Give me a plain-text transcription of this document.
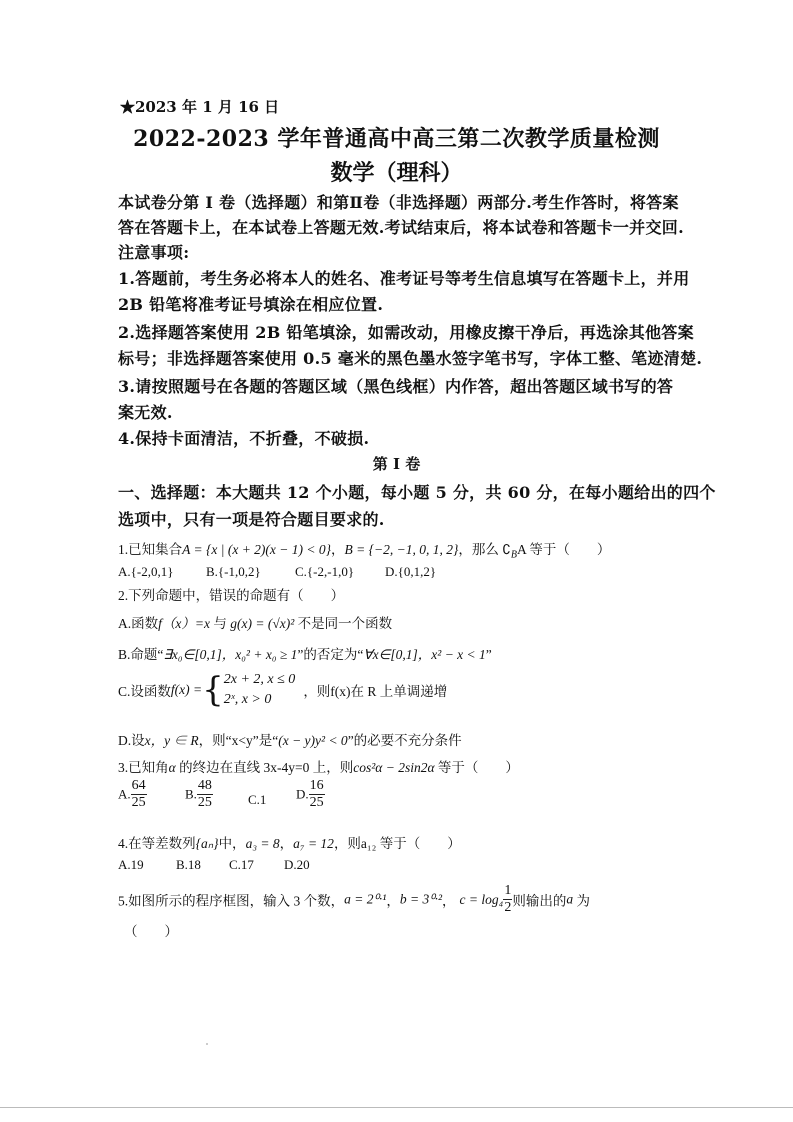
★2023 年 1 月 16 日
2022-2023 学年普通高中高三第二次教学质量检测
数学（理科）
本试卷分第 I 卷（选择题）和第Ⅱ卷（非选择题）两部分.考生作答时，将答案
答在答题卡上，在本试卷上答题无效.考试结束后，将本试卷和答题卡一并交回.
注意事项:
1.答题前，考生务必将本人的姓名、准考证号等考生信息填写在答题卡上，并用
2B 铅笔将准考证号填涂在相应位置.
2.选择题答案使用 2B 铅笔填涂，如需改动，用橡皮擦干净后，再选涂其他答案
标号；非选择题答案使用 0.5 毫米的黑色墨水签字笔书写，字体工整、笔迹清楚.
3.请按照题号在各题的答题区域（黑色线框）内作答，超出答题区域书写的答
案无效.
4.保持卡面清洁，不折叠，不破损.
第 I 卷
一、选择题：本大题共 12 个小题，每小题 5 分，共 60 分，在每小题给出的四个
选项中，只有一项是符合题目要求的.
1.已知集合A = {x | (x + 2)(x − 1) < 0}，B = {−2, −1, 0, 1, 2}，那么 $∁_BA$ 等于（　　）
A.{-2,0,1}	B.{-1,0,2}	C.{-2,-1,0} D.{0,1,2}
2.下列命题中，错误的命题有（　　）
A.函数f（x）=x 与 g(x) = (√x)² 不是同一个函数
B.命题“∃x₀∈[0,1]，x₀² + x₀ ≥ 1”的否定为“∀x∈[0,1]，x² − x < 1”
C.设函数f(x) ={ 2x + 2, x ≤ 0
2ˣ, x > 0
，则f(x)在 R 上单调递增
D.设x，y ∈ R，则“x<y”是“(x − y)y² < 0”的必要不充分条件
3.已知角α 的终边在直线 3x-4y=0 上，则cos²α − 2sin2α 等于（　　）
A. $\frac{64}{25}$	B. $\frac{48}{25}$	C.1 D. $\frac{16}{25}$
4.在等差数列{aₙ}中，a₃ = 8，a₇ = 12，则a₁₂ 等于（　　）
A.19 B.18 C.17 D.20
5.如图所示的程序框图，输入 3 个数，a = 2⁰·¹，b = 3⁰·²， $c = \log_4 \frac{1}{2}$ 则输出的a 为
（　　）
